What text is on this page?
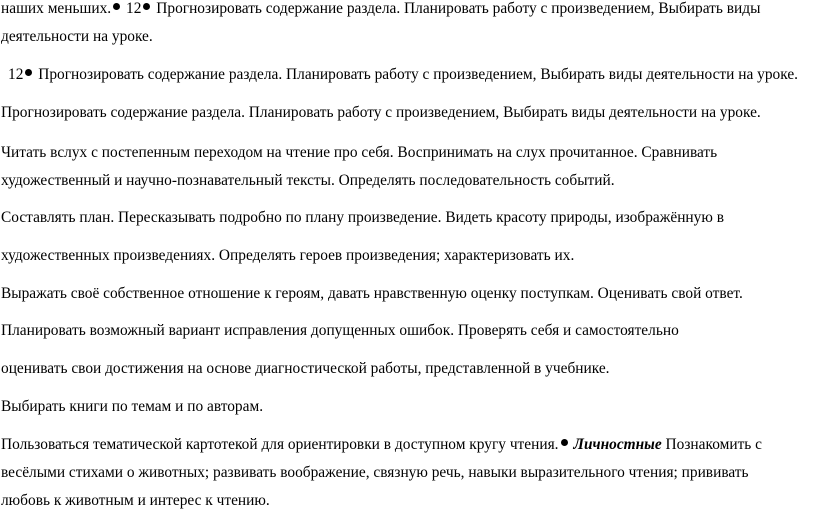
наших меньших. 12 Прогнозировать содержание раздела. Планировать работу с произведением, Выбирать виды
деятельности на уроке.
12 Прогнозировать содержание раздела. Планировать работу с произведением, Выбирать виды деятельности на уроке.
Прогнозировать содержание раздела. Планировать работу с произведением, Выбирать виды деятельности на уроке.
Читать вслух с постепенным переходом на чтение про себя. Воспринимать на слух прочитанное. Сравнивать
художественный и научно-познавательный тексты. Определять последовательность событий.
Составлять план. Пересказывать подробно по плану произведение. Видеть красоту природы, изображённую в
художественных произведениях. Определять героев произведения; характеризовать их.
Выражать своё собственное отношение к героям, давать нравственную оценку поступкам. Оценивать свой ответ.
Планировать возможный вариант исправления допущенных ошибок. Проверять себя и самостоятельно
оценивать свои достижения на основе диагностической работы, представленной в учебнике.
Выбирать книги по темам и по авторам.
Пользоваться тематической картотекой для ориентировки в доступном кругу чтения. Личностные Познакомить с
весёлыми стихами о животных; развивать воображение, связную речь, навыки выразительного чтения; прививать
любовь к животным и интерес к чтению.
